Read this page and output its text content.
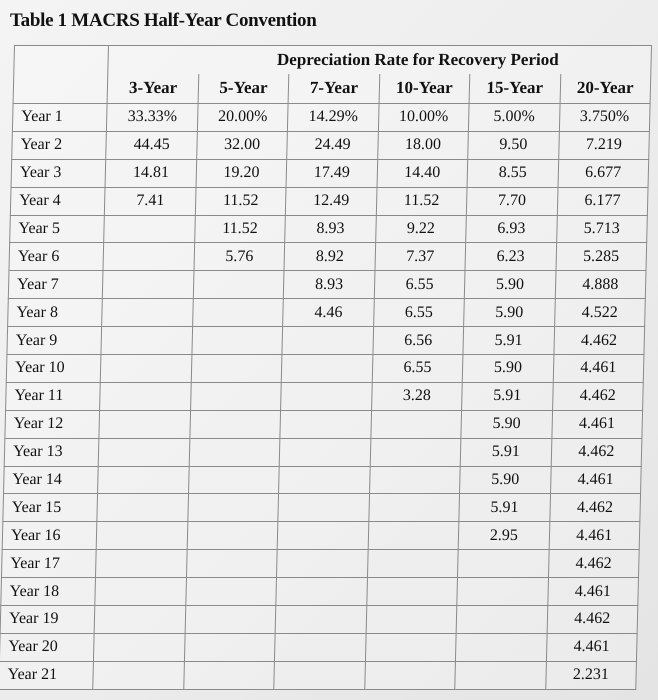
Table 1 MACRS Half-Year Convention
	Depreciation Rate for Recovery Period					
	3-Year	5-Year	7-Year	10-Year	15-Year	20-Year
Year 1	33.33%	20.00%	14.29%	10.00%	5.00%	3.750%
Year 2	44.45	32.00	24.49	18.00	9.50	7.219
Year 3	14.81	19.20	17.49	14.40	8.55	6.677
Year 4	7.41	11.52	12.49	11.52	7.70	6.177
Year 5		11.52	8.93	9.22	6.93	5.713
Year 6		5.76	8.92	7.37	6.23	5.285
Year 7			8.93	6.55	5.90	4.888
Year 8			4.46	6.55	5.90	4.522
Year 9				6.56	5.91	4.462
Year 10				6.55	5.90	4.461
Year 11				3.28	5.91	4.462
Year 12					5.90	4.461
Year 13					5.91	4.462
Year 14					5.90	4.461
Year 15					5.91	4.462
Year 16					2.95	4.461
Year 17						4.462
Year 18						4.461
Year 19						4.462
Year 20						4.461
Year 21						2.231
